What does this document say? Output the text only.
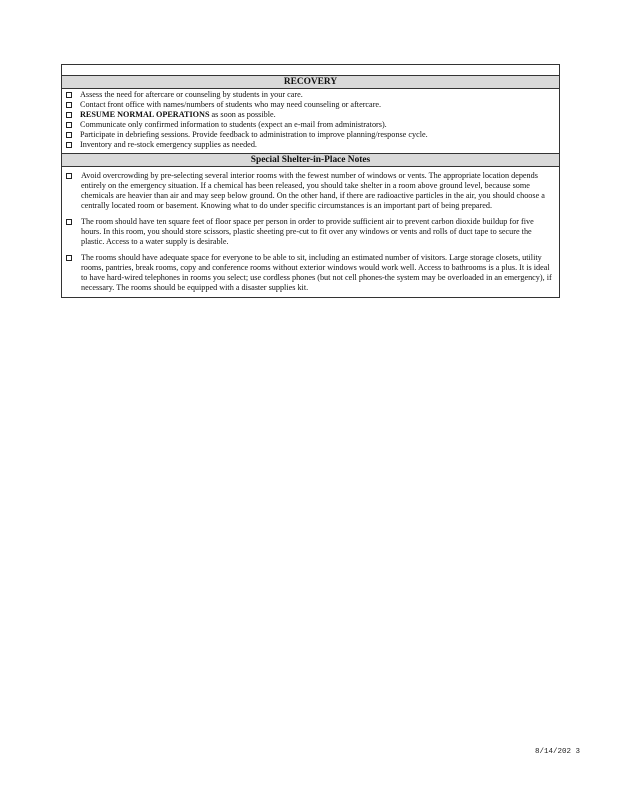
RECOVERY
Assess the need for aftercare or counseling by students in your care.
Contact front office with names/numbers of students who may need counseling or aftercare.
RESUME NORMAL OPERATIONS as soon as possible.
Communicate only confirmed information to students (expect an e-mail from administrators).
Participate in debriefing sessions. Provide feedback to administration to improve planning/response cycle.
Inventory and re-stock emergency supplies as needed.
Special Shelter-in-Place Notes
Avoid overcrowding by pre-selecting several interior rooms with the fewest number of windows or vents. The appropriate location depends entirely on the emergency situation. If a chemical has been released, you should take shelter in a room above ground level, because some chemicals are heavier than air and may seep below ground. On the other hand, if there are radioactive particles in the air, you should choose a centrally located room or basement. Knowing what to do under specific circumstances is an important part of being prepared.
The room should have ten square feet of floor space per person in order to provide sufficient air to prevent carbon dioxide buildup for five hours. In this room, you should store scissors, plastic sheeting pre-cut to fit over any windows or vents and rolls of duct tape to secure the plastic. Access to a water supply is desirable.
The rooms should have adequate space for everyone to be able to sit, including an estimated number of visitors. Large storage closets, utility rooms, pantries, break rooms, copy and conference rooms without exterior windows would work well. Access to bathrooms is a plus. It is ideal to have hard-wired telephones in rooms you select; use cordless phones (but not cell phones-the system may be overloaded in an emergency), if necessary. The rooms should be equipped with a disaster supplies kit.
8/14/202 3
